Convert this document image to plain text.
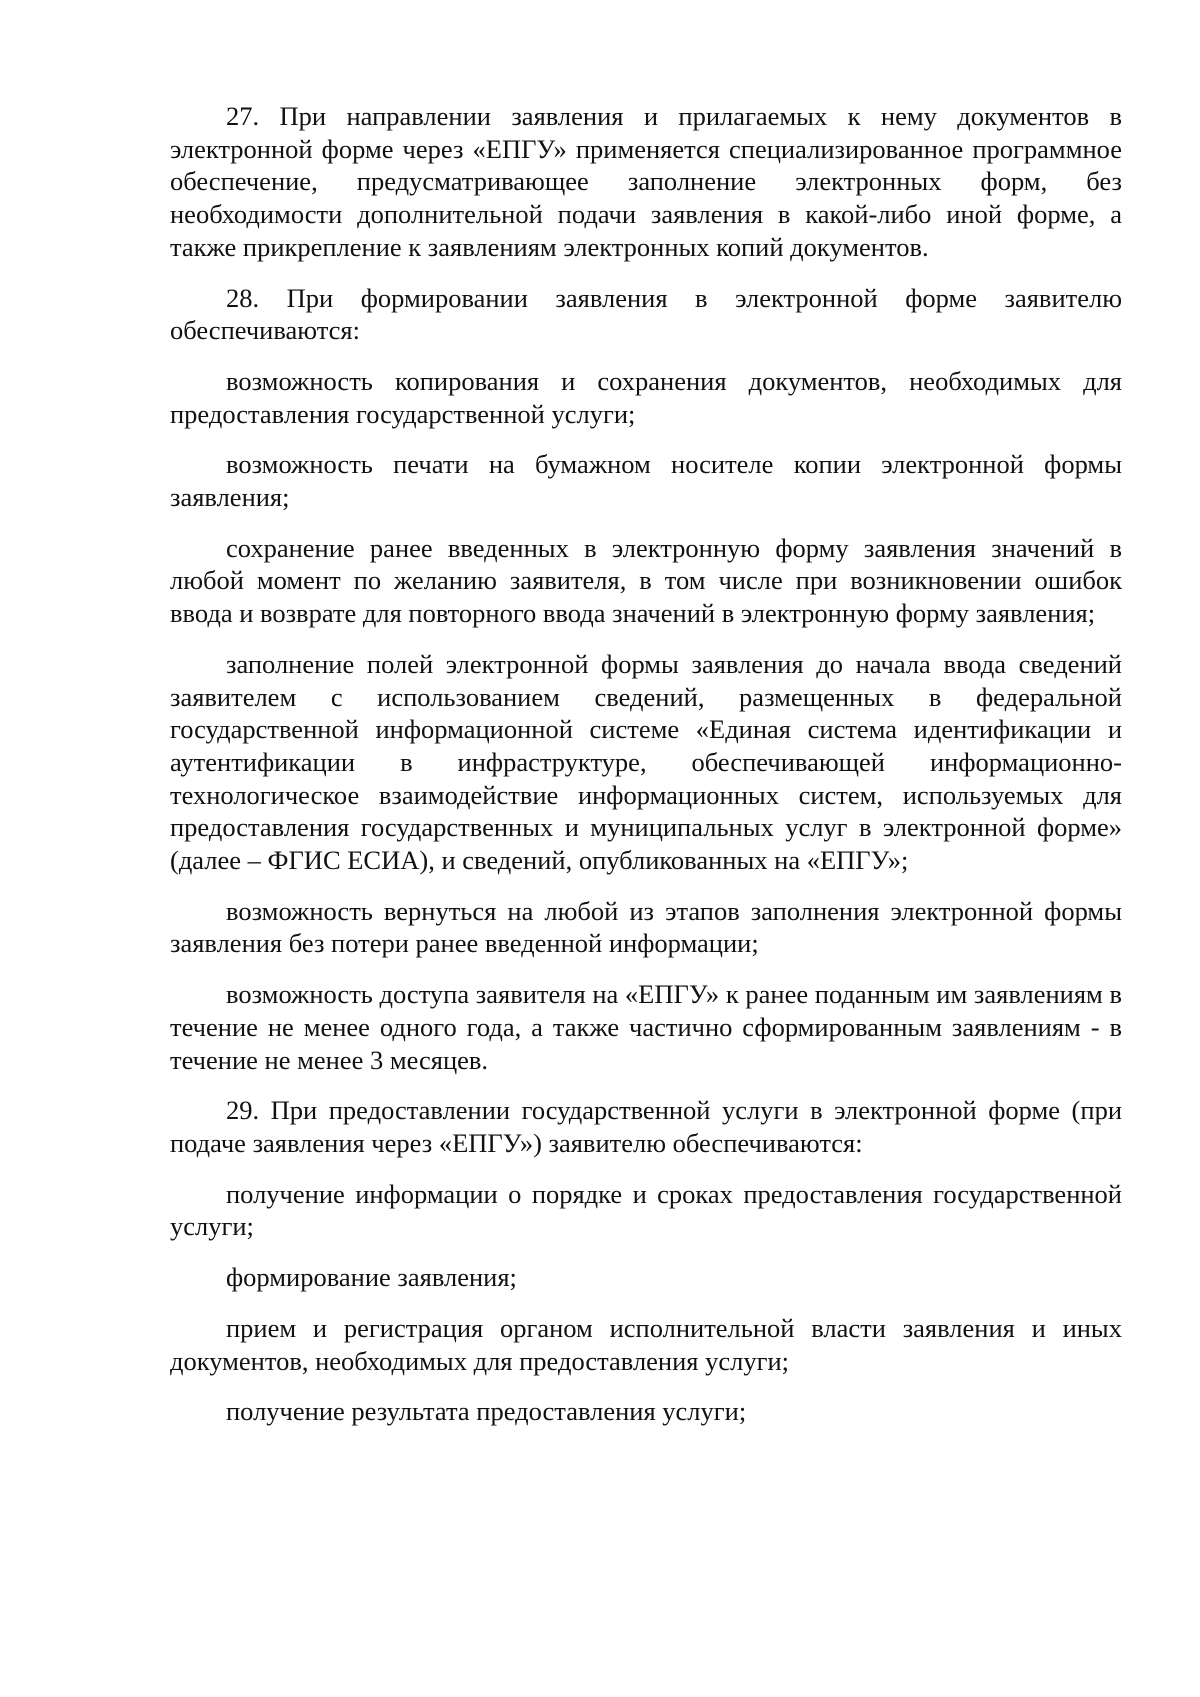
27. При направлении заявления и прилагаемых к нему документов в электронной форме через «ЕПГУ» применяется специализированное программное обеспечение, предусматривающее заполнение электронных форм, без необходимости дополнительной подачи заявления в какой-либо иной форме, а также прикрепление к заявлениям электронных копий документов.

28. При формировании заявления в электронной форме заявителю обеспечиваются:

возможность копирования и сохранения документов, необходимых для предоставления государственной услуги;

возможность печати на бумажном носителе копии электронной формы заявления;

сохранение ранее введенных в электронную форму заявления значений в любой момент по желанию заявителя, в том числе при возникновении ошибок ввода и возврате для повторного ввода значений в электронную форму заявления;

заполнение полей электронной формы заявления до начала ввода сведений заявителем с использованием сведений, размещенных в федеральной государственной информационной системе «Единая система идентификации и аутентификации в инфраструктуре, обеспечивающей информационно-технологическое взаимодействие информационных систем, используемых для предоставления государственных и муниципальных услуг в электронной форме» (далее – ФГИС ЕСИА), и сведений, опубликованных на «ЕПГУ»;

возможность вернуться на любой из этапов заполнения электронной формы заявления без потери ранее введенной информации;

возможность доступа заявителя на «ЕПГУ» к ранее поданным им заявлениям в течение не менее одного года, а также частично сформированным заявлениям - в течение не менее 3 месяцев.

29. При предоставлении государственной услуги в электронной форме (при подаче заявления через «ЕПГУ») заявителю обеспечиваются:

получение информации о порядке и сроках предоставления государственной услуги;

формирование заявления;

прием и регистрация органом исполнительной власти заявления и иных документов, необходимых для предоставления услуги;

получение результата предоставления услуги;
